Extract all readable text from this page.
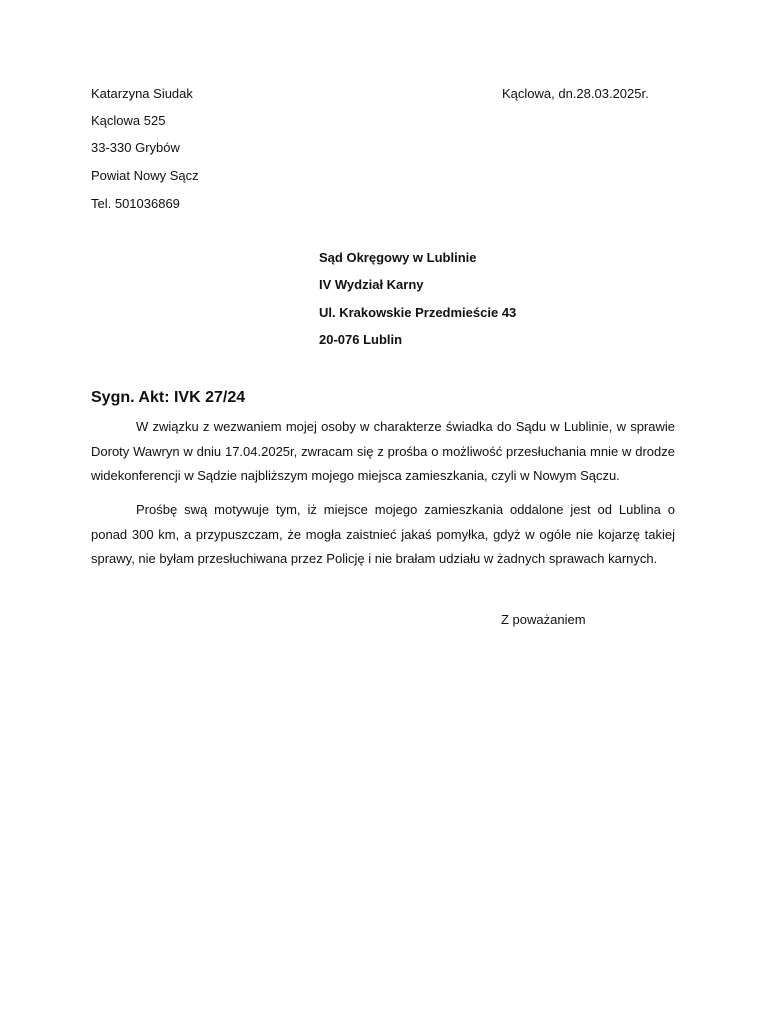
Katarzyna Siudak
Kąclowa 525
33-330 Grybów
Powiat Nowy Sącz
Tel. 501036869
Kąclowa, dn.28.03.2025r.
Sąd Okręgowy w Lublinie
IV Wydział Karny
Ul. Krakowskie Przedmieście 43
20-076 Lublin
Sygn. Akt: IVK 27/24

W związku z wezwaniem mojej osoby w charakterze świadka do Sądu w Lublinie, w sprawie Doroty Wawryn w dniu 17.04.2025r, zwracam się z prośba o możliwość przesłuchania mnie w drodze widekonferencji w Sądzie najbliższym mojego miejsca zamieszkania, czyli w Nowym Sączu.

Prośbę swą motywuje tym, iż miejsce mojego zamieszkania oddalone jest od Lublina o ponad 300 km, a przypuszczam, że mogła zaistnieć jakaś pomyłka, gdyż w ogóle nie kojarzę takiej sprawy, nie byłam przesłuchiwana przez Policję i nie brałam udziału w żadnych sprawach karnych.

Z poważaniem
